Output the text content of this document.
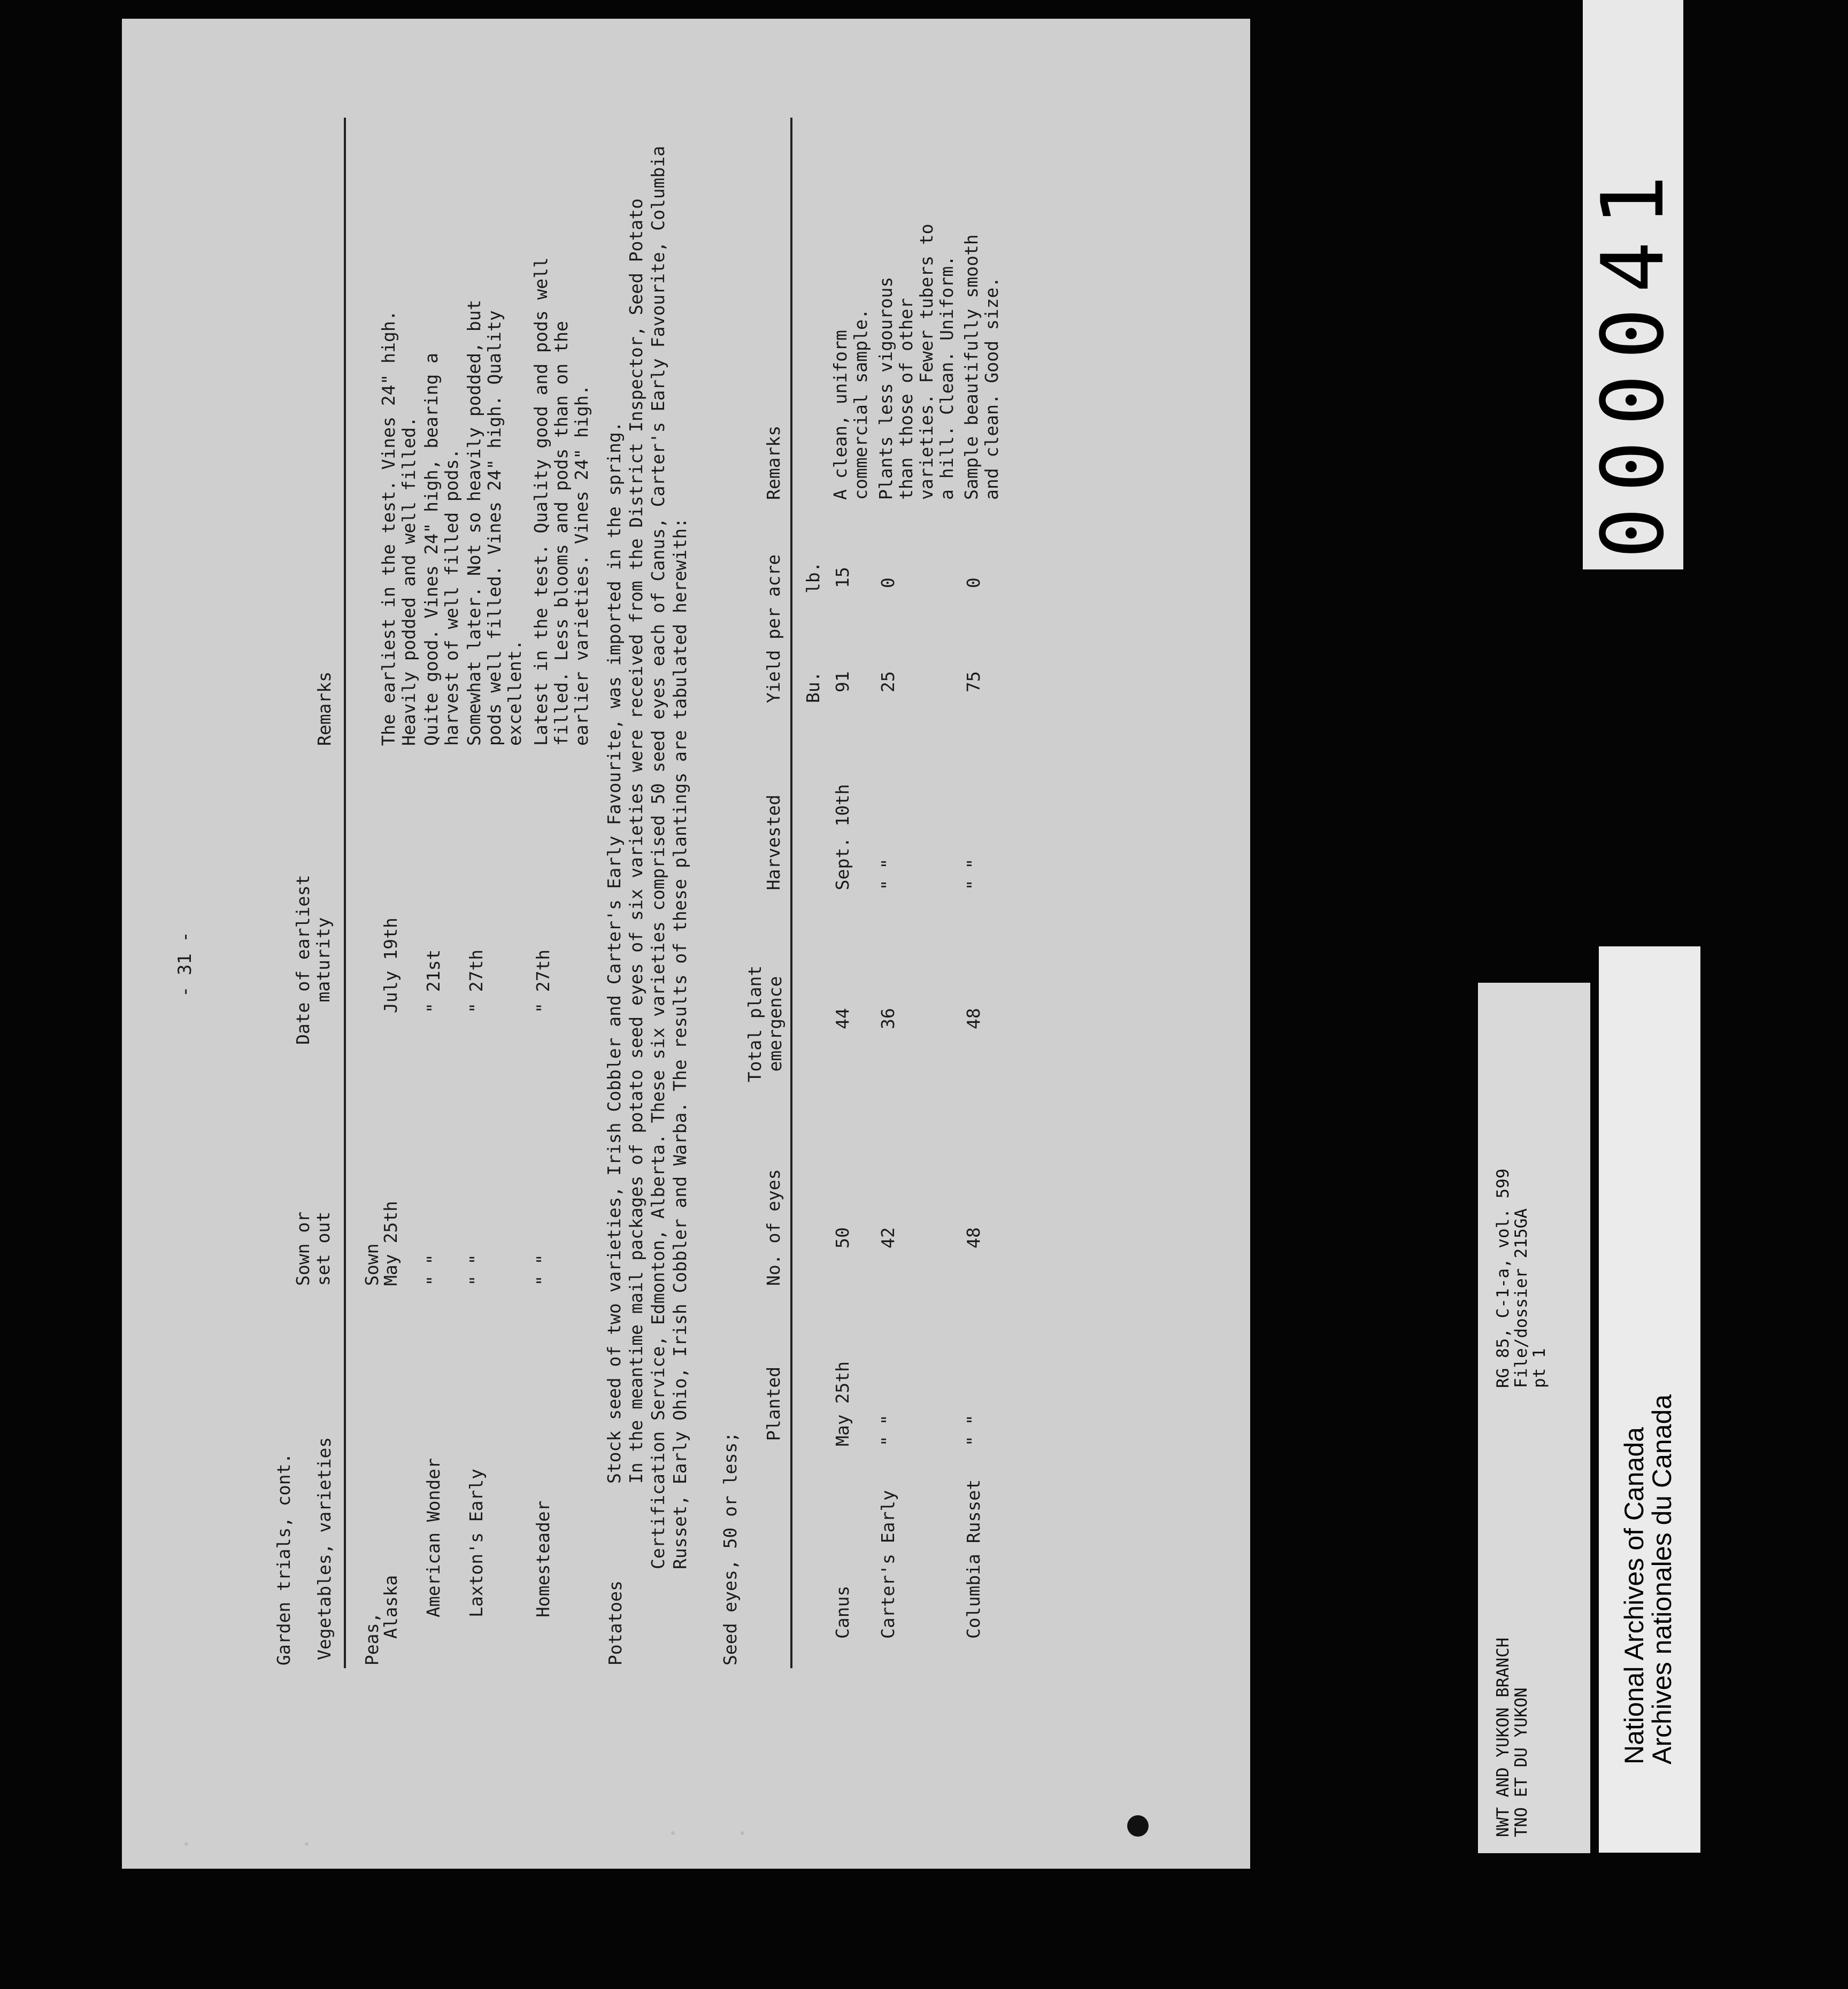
- 31 -
Garden trials, cont. Vegetables, varieties
Sown or set out
Date of earliest maturity
Remarks
Peas,
Sown
Alaska
May 25th
July 19th
The earliest in the test. Vines 24" high.
Heavily podded and well filled.
American Wonder
" "
" 21st
Quite good. Vines 24" high, bearing a
harvest of well filled pods.
Laxton's Early
" "
" 27th
Somewhat later. Not so heavily podded, but
pods well filled. Vines 24" high. Quality
excellent.
Homesteader
" "
" 27th
Latest in the test. Quality good and pods well
filled. Less blooms and pods than on the
earlier varieties. Vines 24" high.
Potatoes

Stock seed of two varieties, Irish Cobbler and Carter's Early Favourite, was imported in the spring. In the meantime mail packages of potato seed eyes of six varieties were received from the District Inspector, Seed Potato Certification Service, Edmonton, Alberta. These six varieties comprised 50 seed eyes each of Canus, Carter's Early Favourite, Columbia Russet, Early Ohio, Irish Cobbler and Warba. The results of these plantings are tabulated herewith: Seed eyes, 50 or less;
Planted
No. of eyes
Total plant emergence
Harvested
Yield per acre
Remarks
Bu.
lb.
Canus
May 25th
50
44
Sept. 10th
91
15
A clean, uniform
commercial sample.
Carter's Early
" "
42
36
" "
25
0
Plants less vigourous
than those of other
varieties. Fewer tubers to
a hill. Clean. Uniform.
Columbia Russet
" "
48
48
" "
75
0
Sample beautifully smooth
and clean. Good size.
NWT AND YUKON BRANCH
TNO ET DU YUKON
RG 85, C-1-a, vol. 599
File/dossier 215GA
pt 1
National Archives of Canada
Archives nationales du Canada
000041
